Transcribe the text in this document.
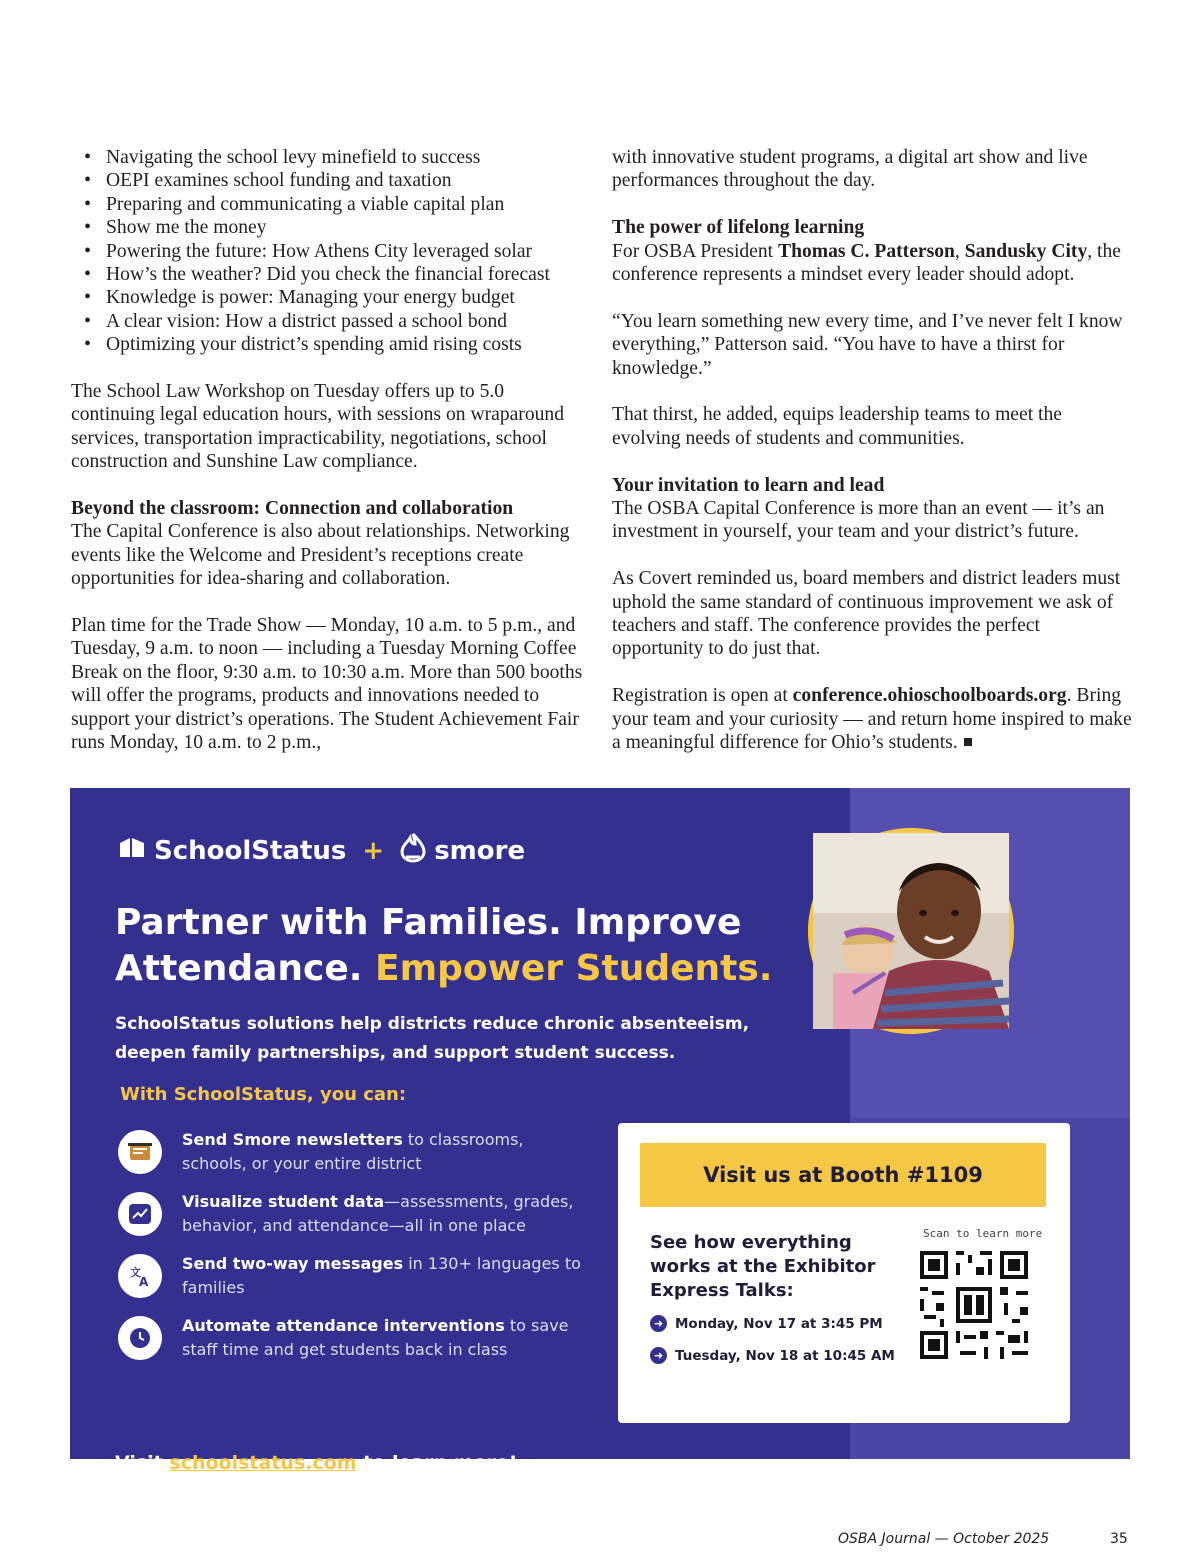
• Navigating the school levy minefield to success
• OEPI examines school funding and taxation
• Preparing and communicating a viable capital plan
• Show me the money
• Powering the future: How Athens City leveraged solar
• How’s the weather? Did you check the financial forecast
• Knowledge is power: Managing your energy budget
• A clear vision: How a district passed a school bond
• Optimizing your district’s spending amid rising costs

The School Law Workshop on Tuesday offers up to 5.0 continuing legal education hours, with sessions on wraparound services, transportation impracticability, negotiations, school construction and Sunshine Law compliance.

Beyond the classroom: Connection and collaboration
The Capital Conference is also about relationships. Networking events like the Welcome and President’s receptions create opportunities for idea-sharing and collaboration.

Plan time for the Trade Show — Monday, 10 a.m. to 5 p.m., and Tuesday, 9 a.m. to noon — including a Tuesday Morning Coffee Break on the floor, 9:30 a.m. to 10:30 a.m. More than 500 booths will offer the programs, products and innovations needed to support your district’s operations. The Student Achievement Fair runs Monday, 10 a.m. to 2 p.m.,

with innovative student programs, a digital art show and live performances throughout the day.

The power of lifelong learning
For OSBA President Thomas C. Patterson, Sandusky City, the conference represents a mindset every leader should adopt.

“You learn something new every time, and I’ve never felt I know everything,” Patterson said. “You have to have a thirst for knowledge.”

That thirst, he added, equips leadership teams to meet the evolving needs of students and communities.

Your invitation to learn and lead
The OSBA Capital Conference is more than an event — it’s an investment in yourself, your team and your district’s future.

As Covert reminded us, board members and district leaders must uphold the same standard of continuous improvement we ask of teachers and staff. The conference provides the perfect opportunity to do just that.

Registration is open at conference.ohioschoolboards.org. Bring your team and your curiosity — and return home inspired to make a meaningful difference for Ohio’s students.

SchoolStatus + smore
Partner with Families. Improve Attendance. Empower Students.
SchoolStatus solutions help districts reduce chronic absenteeism, deepen family partnerships, and support student success.
With SchoolStatus, you can:
Send Smore newsletters to classrooms, schools, or your entire district
Visualize student data—assessments, grades, behavior, and attendance—all in one place
文
A
Send two-way messages in 130+ languages to families
Automate attendance interventions to save staff time and get students back in class
Visit schoolstatus.com to learn more!
Visit us at Booth #1109
See how everything works at the Exhibitor Express Talks:
Scan to learn more
➜ Monday, Nov 17 at 3:45 PM
➜ Tuesday, Nov 18 at 10:45 AM
OSBA Journal — October 2025	35
